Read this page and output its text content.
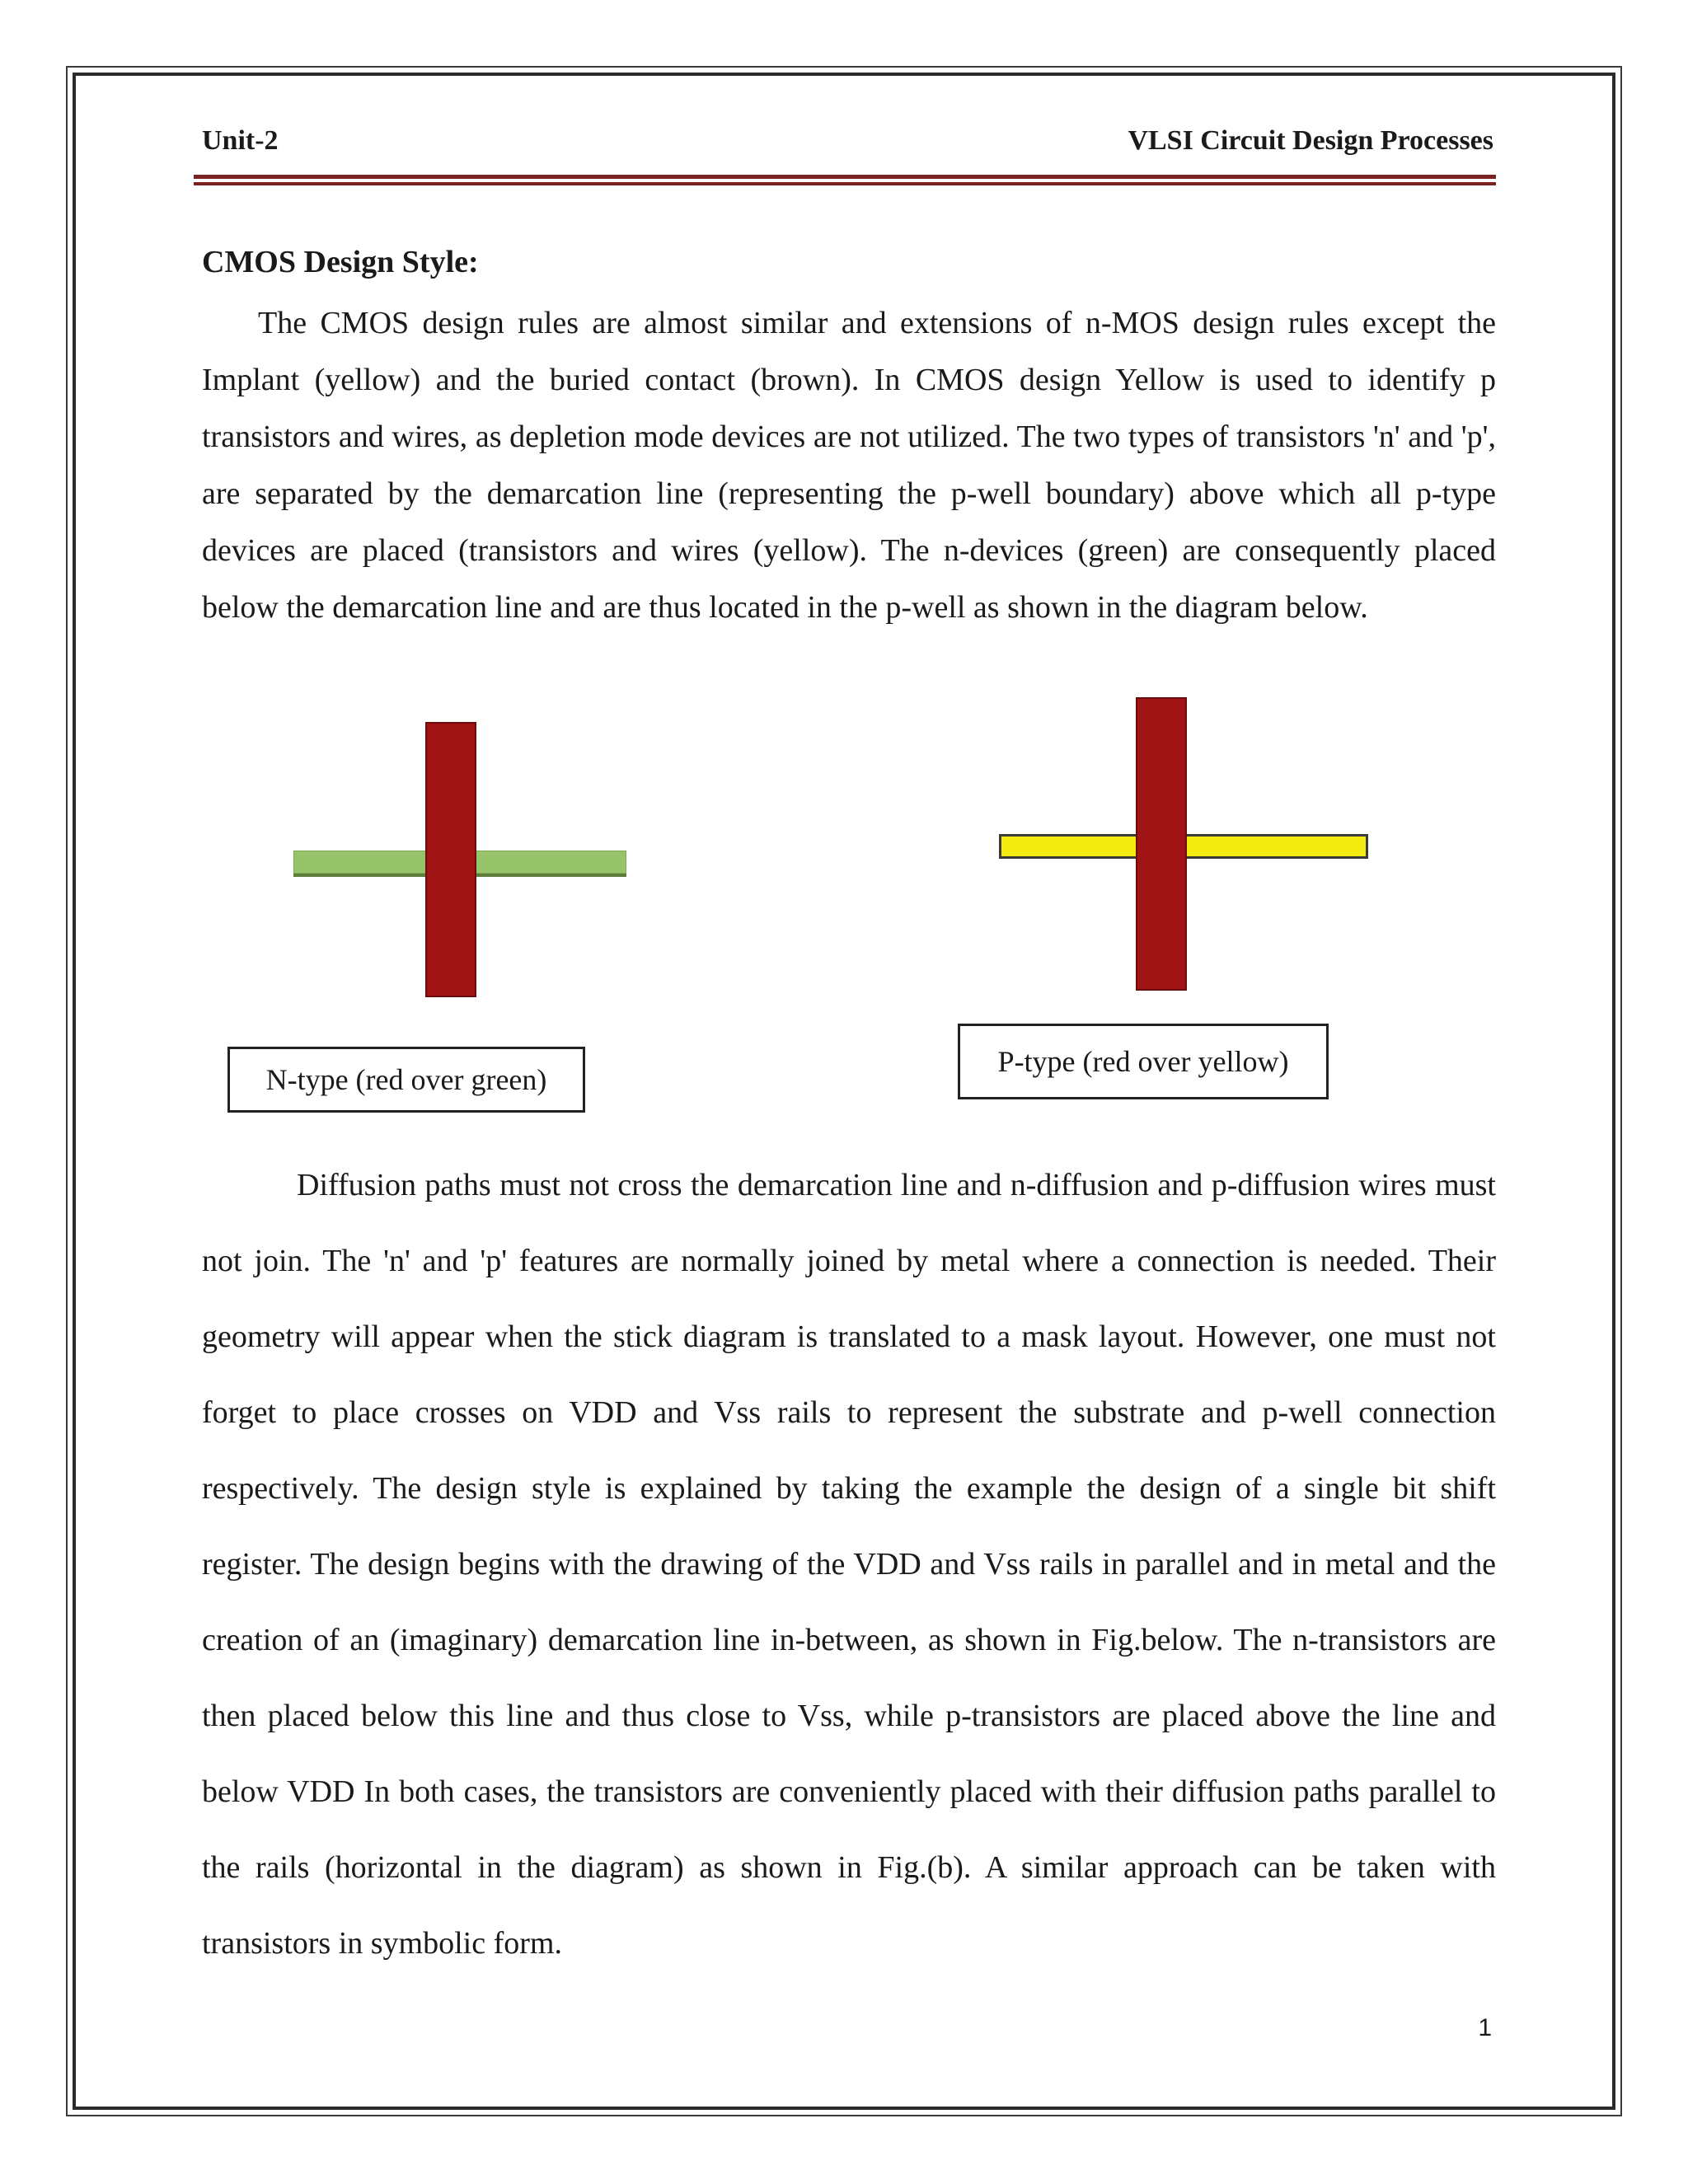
Unit-2	VLSI Circuit Design Processes
CMOS Design Style:

The CMOS design rules are almost similar and extensions of n-MOS design rules except the Implant (yellow) and the buried contact (brown). In CMOS design Yellow is used to identify p transistors and wires, as depletion mode devices are not utilized. The two types of transistors 'n' and 'p', are separated by the demarcation line (representing the p-well boundary) above which all p-type devices are placed (transistors and wires (yellow). The n-devices (green) are consequently placed below the demarcation line and are thus located in the p-well as shown in the diagram below.

N-type (red over green)
P-type (red over yellow)

Diffusion paths must not cross the demarcation line and n-diffusion and p-diffusion wires must not join. The 'n' and 'p' features are normally joined by metal where a connection is needed. Their geometry will appear when the stick diagram is translated to a mask layout. However, one must not forget to place crosses on VDD and Vss rails to represent the substrate and p-well connection respectively. The design style is explained by taking the example the design of a single bit shift register. The design begins with the drawing of the VDD and Vss rails in parallel and in metal and the creation of an (imaginary) demarcation line in-between, as shown in Fig.below. The n-transistors are then placed below this line and thus close to Vss, while p-transistors are placed above the line and below VDD In both cases, the transistors are conveniently placed with their diffusion paths parallel to the rails (horizontal in the diagram) as shown in Fig.(b). A similar approach can be taken with transistors in symbolic form.

1
